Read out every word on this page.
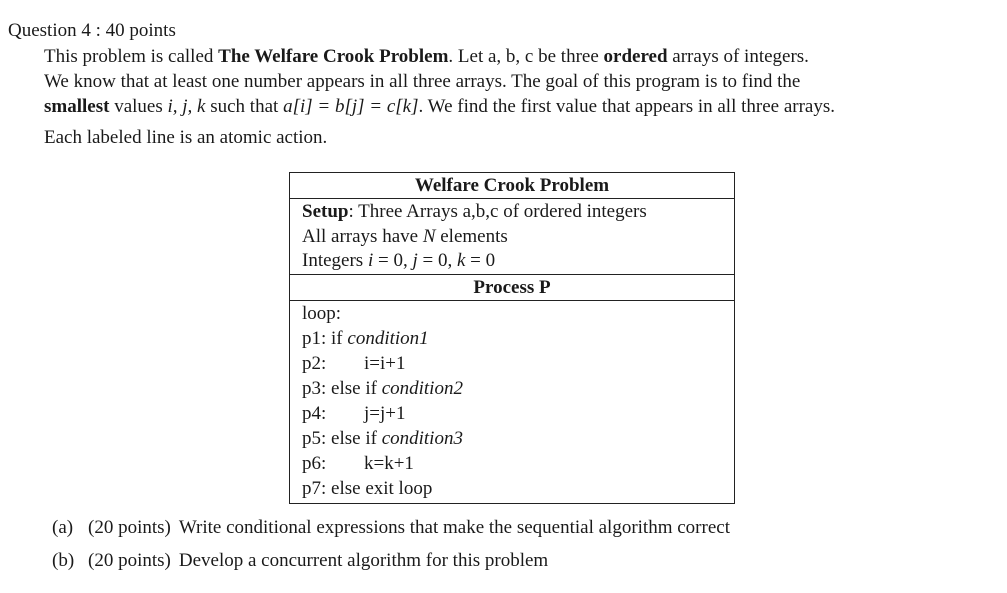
Question 4 : 40 points
This problem is called The Welfare Crook Problem. Let a, b, c be three ordered arrays of integers.
We know that at least one number appears in all three arrays. The goal of this program is to find the
smallest values i, j, k such that a[i] = b[j] = c[k]. We find the first value that appears in all three arrays.
Each labeled line is an atomic action.
Welfare Crook Problem
Setup: Three Arrays a,b,c of ordered integers
All arrays have N elements
Integers i = 0, j = 0, k = 0
Process P
loop:
p1: if condition1
p2: i=i+1
p3: else if condition2
p4: j=j+1
p5: else if condition3
p6: k=k+1
p7: else exit loop
(a) (20 points) Write conditional expressions that make the sequential algorithm correct
(b) (20 points) Develop a concurrent algorithm for this problem
